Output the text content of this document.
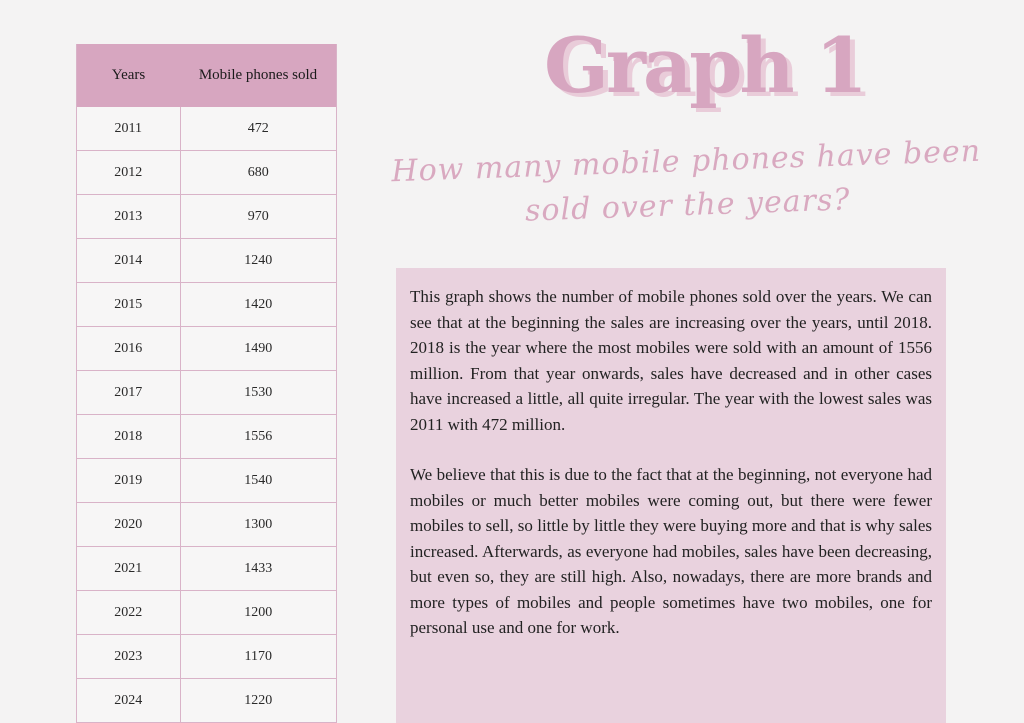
Years	Mobile phones sold
2011	472
2012	680
2013	970
2014	1240
2015	1420
2016	1490
2017	1530
2018	1556
2019	1540
2020	1300
2021	1433
2022	1200
2023	1170
2024	1220
Graph 1
How many mobile phones have been sold over the years?

This graph shows the number of mobile phones sold over the years. We can see that at the beginning the sales are increasing over the years, until 2018. 2018 is the year where the most mobiles were sold with an amount of 1556 million. From that year onwards, sales have decreased and in other cases have increased a little, all quite irregular. The year with the lowest sales was 2011 with 472 million.

We believe that this is due to the fact that at the beginning, not everyone had mobiles or much better mobiles were coming out, but there were fewer mobiles to sell, so little by little they were buying more and that is why sales increased. Afterwards, as everyone had mobiles, sales have been decreasing, but even so, they are still high. Also, nowadays, there are more brands and more types of mobiles and people sometimes have two mobiles, one for personal use and one for work.
